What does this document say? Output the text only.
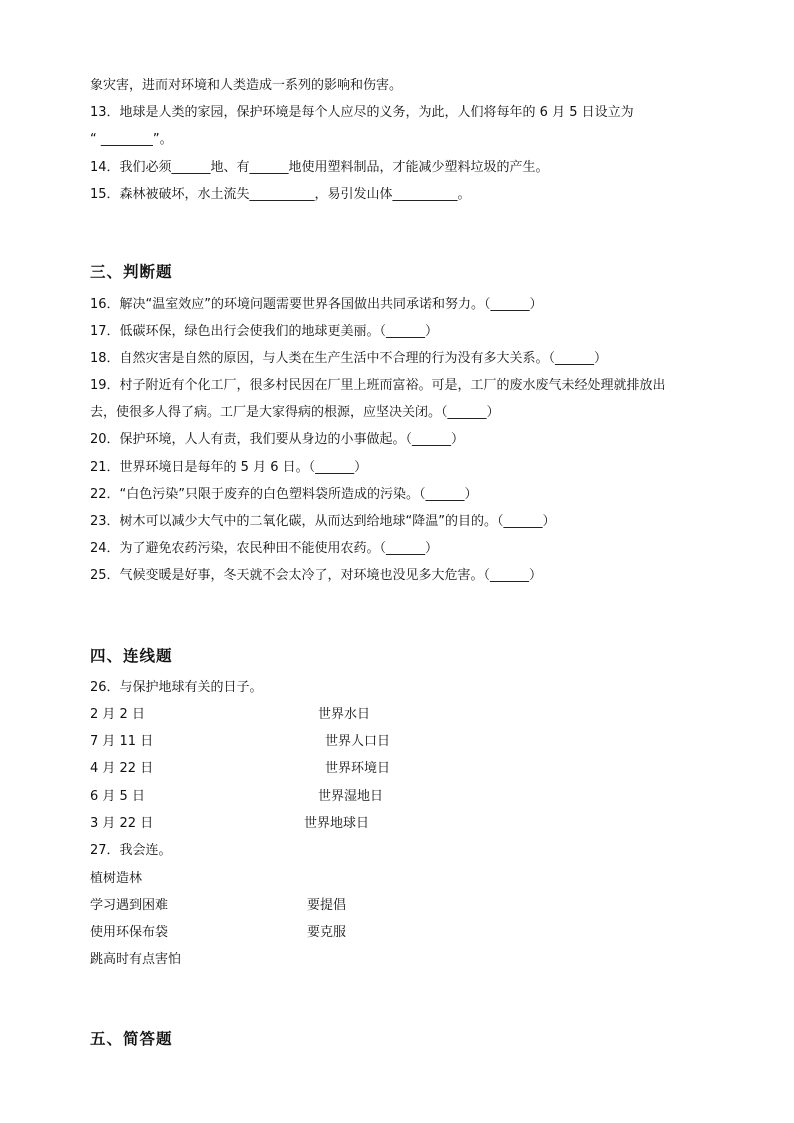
象灾害，进而对环境和人类造成一系列的影响和伤害。
13．地球是人类的家园，保护环境是每个人应尽的义务，为此，人们将每年的 6 月 5 日设立为
“ ________”。
14．我们必须______地、有______地使用塑料制品，才能减少塑料垃圾的产生。
15．森林被破坏，水土流失__________，易引发山体__________。
三、判断题
16．解决“温室效应”的环境问题需要世界各国做出共同承诺和努力。（______）
17．低碳环保，绿色出行会使我们的地球更美丽。（______）
18．自然灾害是自然的原因，与人类在生产生活中不合理的行为没有多大关系。（______）
19．村子附近有个化工厂，很多村民因在厂里上班而富裕。可是，工厂的废水废气未经处理就排放出
去，使很多人得了病。工厂是大家得病的根源，应坚决关闭。（______）
20．保护环境，人人有责，我们要从身边的小事做起。（______）
21．世界环境日是每年的 5 月 6 日。（______）
22．“白色污染”只限于废弃的白色塑料袋所造成的污染。（______）
23．树木可以减少大气中的二氧化碳，从而达到给地球“降温”的目的。（______）
24．为了避免农药污染，农民种田不能使用农药。（______）
25．气候变暖是好事，冬天就不会太冷了，对环境也没见多大危害。（______）
四、连线题
26．与保护地球有关的日子。
2 月 2 日	世界水日
7 月 11 日	世界人口日
4 月 22 日	世界环境日
6 月 5 日	世界湿地日
3 月 22 日	世界地球日
27．我会连。
植树造林
学习遇到困难	要提倡
使用环保布袋	要克服
跳高时有点害怕
五、简答题
